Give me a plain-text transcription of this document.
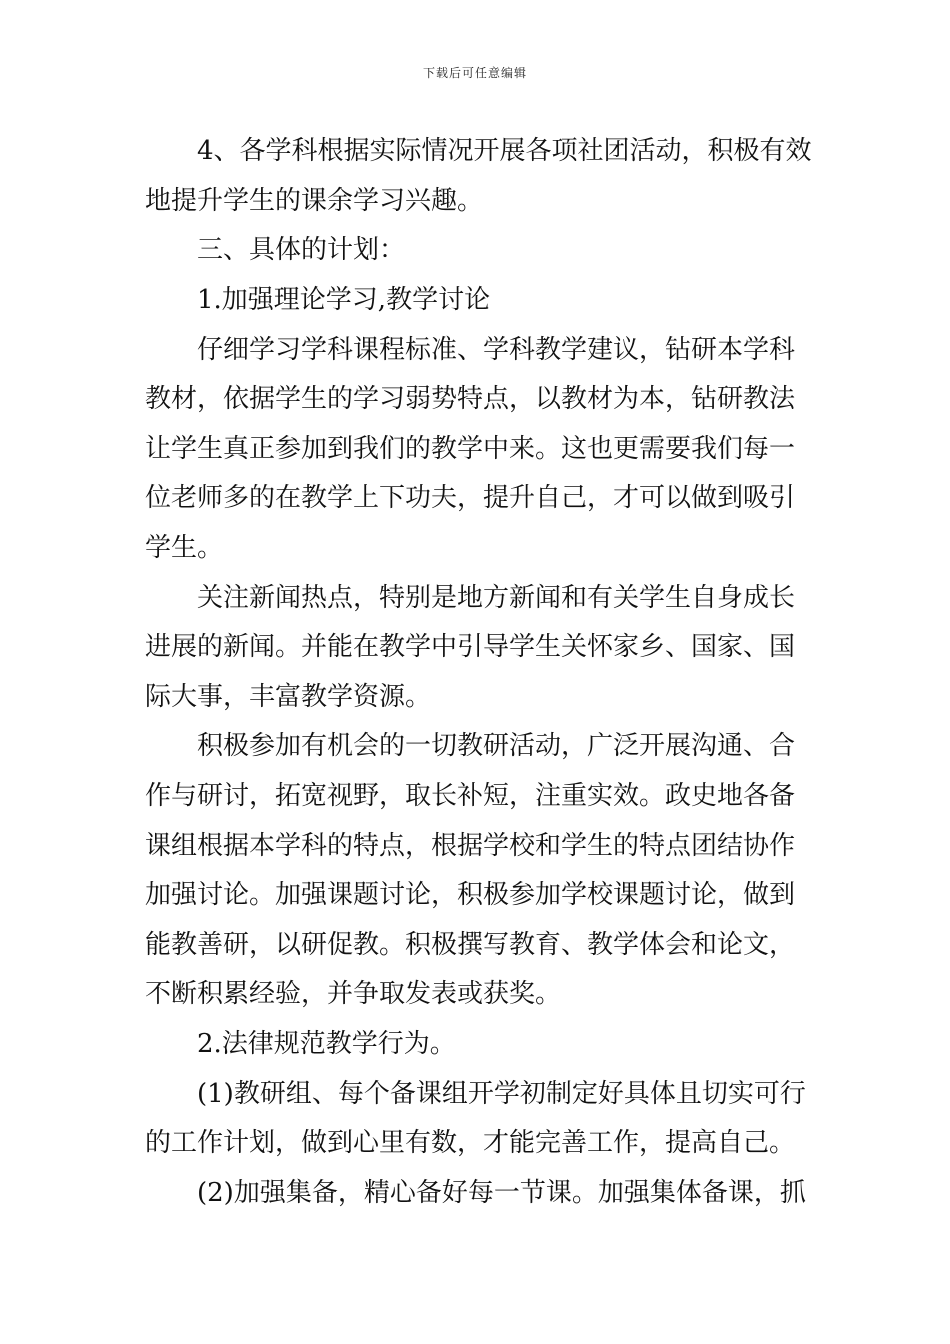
下载后可任意编辑
4、各学科根据实际情况开展各项社团活动，积极有效
地提升学生的课余学习兴趣。
三、具体的计划：
1.加强理论学习,教学讨论
仔细学习学科课程标准、学科教学建议，钻研本学科
教材，依据学生的学习弱势特点，以教材为本，钻研教法
让学生真正参加到我们的教学中来。这也更需要我们每一
位老师多的在教学上下功夫，提升自己，才可以做到吸引
学生。
关注新闻热点，特别是地方新闻和有关学生自身成长
进展的新闻。并能在教学中引导学生关怀家乡、国家、国
际大事，丰富教学资源。
积极参加有机会的一切教研活动，广泛开展沟通、合
作与研讨，拓宽视野，取长补短，注重实效。政史地各备
课组根据本学科的特点，根据学校和学生的特点团结协作
加强讨论。加强课题讨论，积极参加学校课题讨论，做到
能教善研，以研促教。积极撰写教育、教学体会和论文，
不断积累经验，并争取发表或获奖。
2.法律规范教学行为。
(1)教研组、每个备课组开学初制定好具体且切实可行
的工作计划，做到心里有数，才能完善工作，提高自己。
(2)加强集备，精心备好每一节课。加强集体备课，抓
